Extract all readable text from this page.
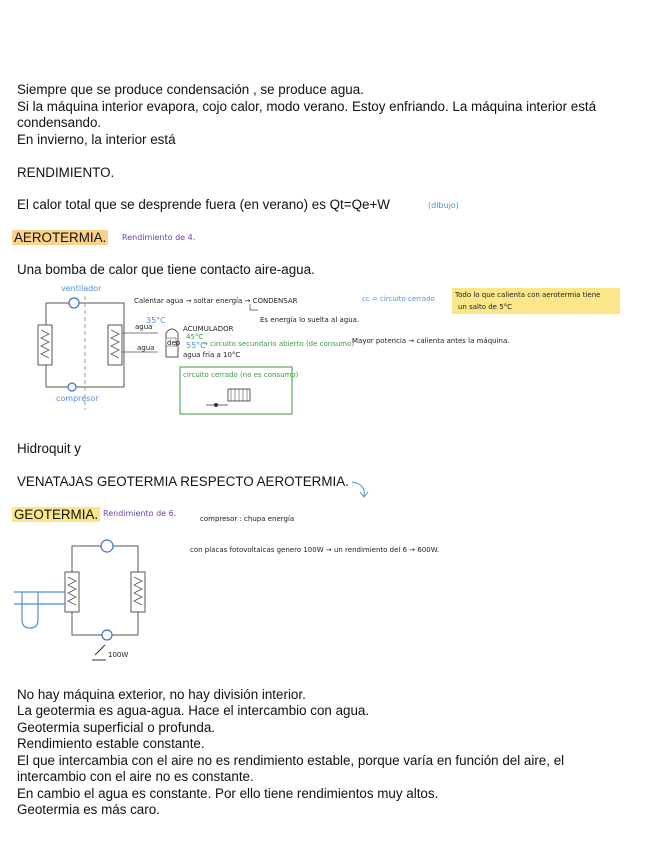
Siempre que se produce condensación , se produce agua.

Si la máquina interior evapora, cojo calor, modo verano. Estoy enfriando. La máquina interior está

condensando.

En invierno, la interior está

RENDIMIENTO.

El calor total que se desprende fuera (en verano) es Qt=Qe+W	(dibujo)

AEROTERMIA. Rendimiento de 4.

Una bomba de calor que tiene contacto aire-agua.

ventilador
compresor
agua
agua
35°C
45°C
55°C
dep
Calentar agua → soltar energía → CONDENSAR
Es energía lo suelta al agua.
ACUMULADOR
→ circuito secundario abierto (de consumo)
agua fría a 10°C
cc = circuito cerrado	Todo lo que calienta con aerotermia tiene
un salto de 5°C
Mayor potencia → calienta antes la máquina.
circuito cerrado (no es consumo)

Hidroquit y

VENATAJAS GEOTERMIA RESPECTO AEROTERMIA.

GEOTERMIA. Rendimiento de 6.
compresor : chupa energía
con placas fotovoltaicas genero 100W → un rendimiento del 6 → 600W.
100W

No hay máquina exterior, no hay división interior.

La geotermia es agua-agua. Hace el intercambio con agua.

Geotermia superficial o profunda.

Rendimiento estable constante.

El que intercambia con el aire no es rendimiento estable, porque varía en función del aire, el

intercambio con el aire no es constante.

En cambio el agua es constante. Por ello tiene rendimientos muy altos.

Geotermia es más caro.
